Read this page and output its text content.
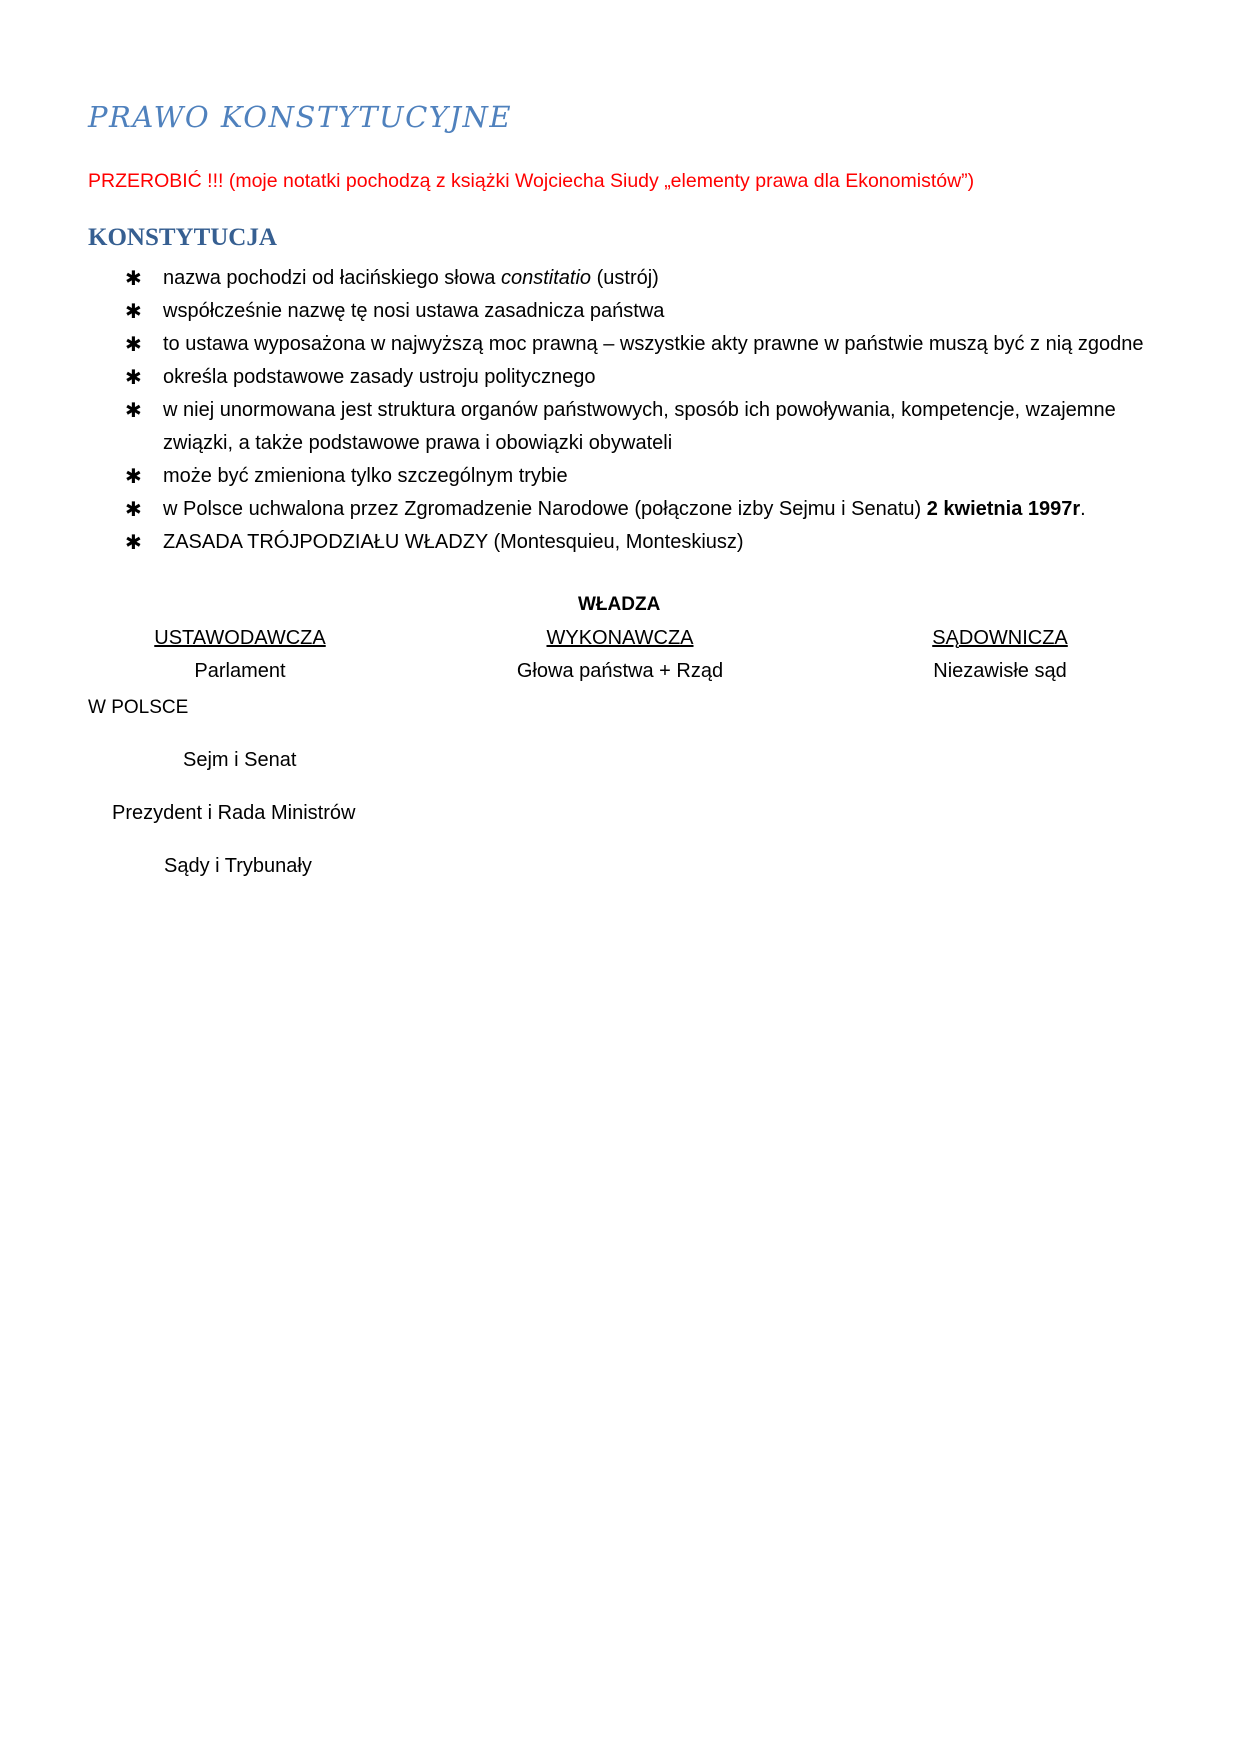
PRAWO KONSTYTUCYJNE

PRZEROBIĆ !!! (moje notatki pochodzą z książki Wojciecha Siudy „elementy prawa dla Ekonomistów”)

KONSTYTUCJA
✱ nazwa pochodzi od łacińskiego słowa constitatio (ustrój)
✱ współcześnie nazwę tę nosi ustawa zasadnicza państwa
✱ to ustawa wyposażona w najwyższą moc prawną – wszystkie akty prawne w państwie muszą być z nią zgodne
✱ określa podstawowe zasady ustroju politycznego
✱ w niej unormowana jest struktura organów państwowych, sposób ich powoływania, kompetencje, wzajemne związki, a także podstawowe prawa i obowiązki obywateli
✱ może być zmieniona tylko szczególnym trybie
✱ w Polsce uchwalona przez Zgromadzenie Narodowe (połączone izby Sejmu i Senatu) 2 kwietnia 1997r.
✱ ZASADA TRÓJPODZIAŁU WŁADZY (Montesquieu, Monteskiusz)
WŁADZA
USTAWODAWCZA
Parlament
WYKONAWCZA
Głowa państwa + Rząd
SĄDOWNICZA
Niezawisłe sąd
W POLSCE
Sejm i Senat
Prezydent i Rada Ministrów
Sądy i Trybunały
